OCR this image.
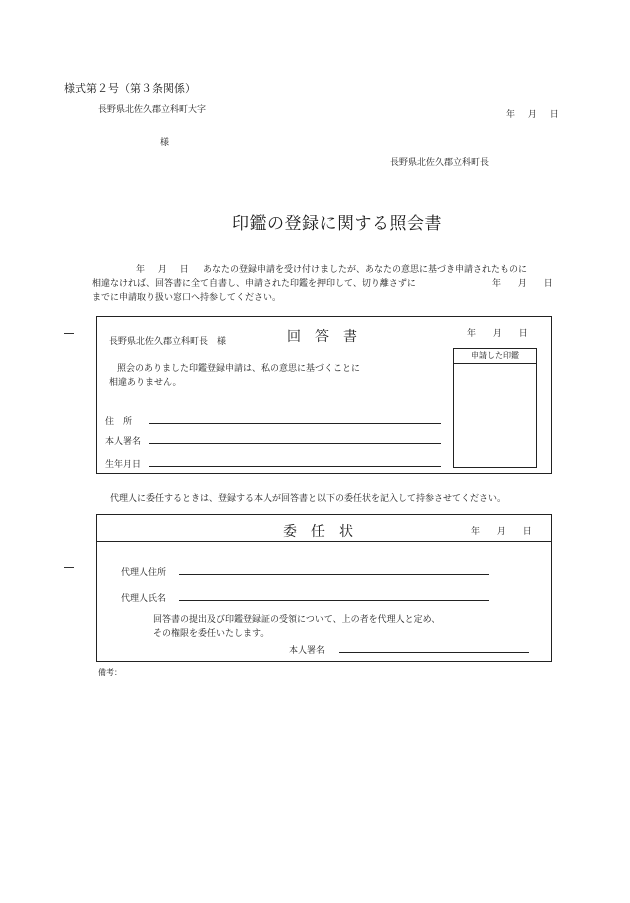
様式第２号（第３条関係）
長野県北佐久郡立科町大字	年 月 日
様
長野県北佐久郡立科町長
印鑑の登録に関する照会書
年 月 日 あなたの登録申請を受け付けましたが、あなたの意思に基づき申請されたものに
相違なければ、回答書に全て自書し、申請された印鑑を押印して、切り離さずに	年 月 日
までに申請取り扱い窓口へ持参してください。
長野県北佐久郡立科町長　様	回　答　書	年 月 日
照会のありました印鑑登録申請は、私の意思に基づくことに
相違ありません。
住　所
本人署名
生年月日
申請した印鑑
代理人に委任するときは、登録する本人が回答書と以下の委任状を記入して持参させてください。
委　任　状	年 月 日
代理人住所
代理人氏名
回答書の提出及び印鑑登録証の受領について、上の者を代理人と定め、
その権限を委任いたします。
本人署名
備考：
